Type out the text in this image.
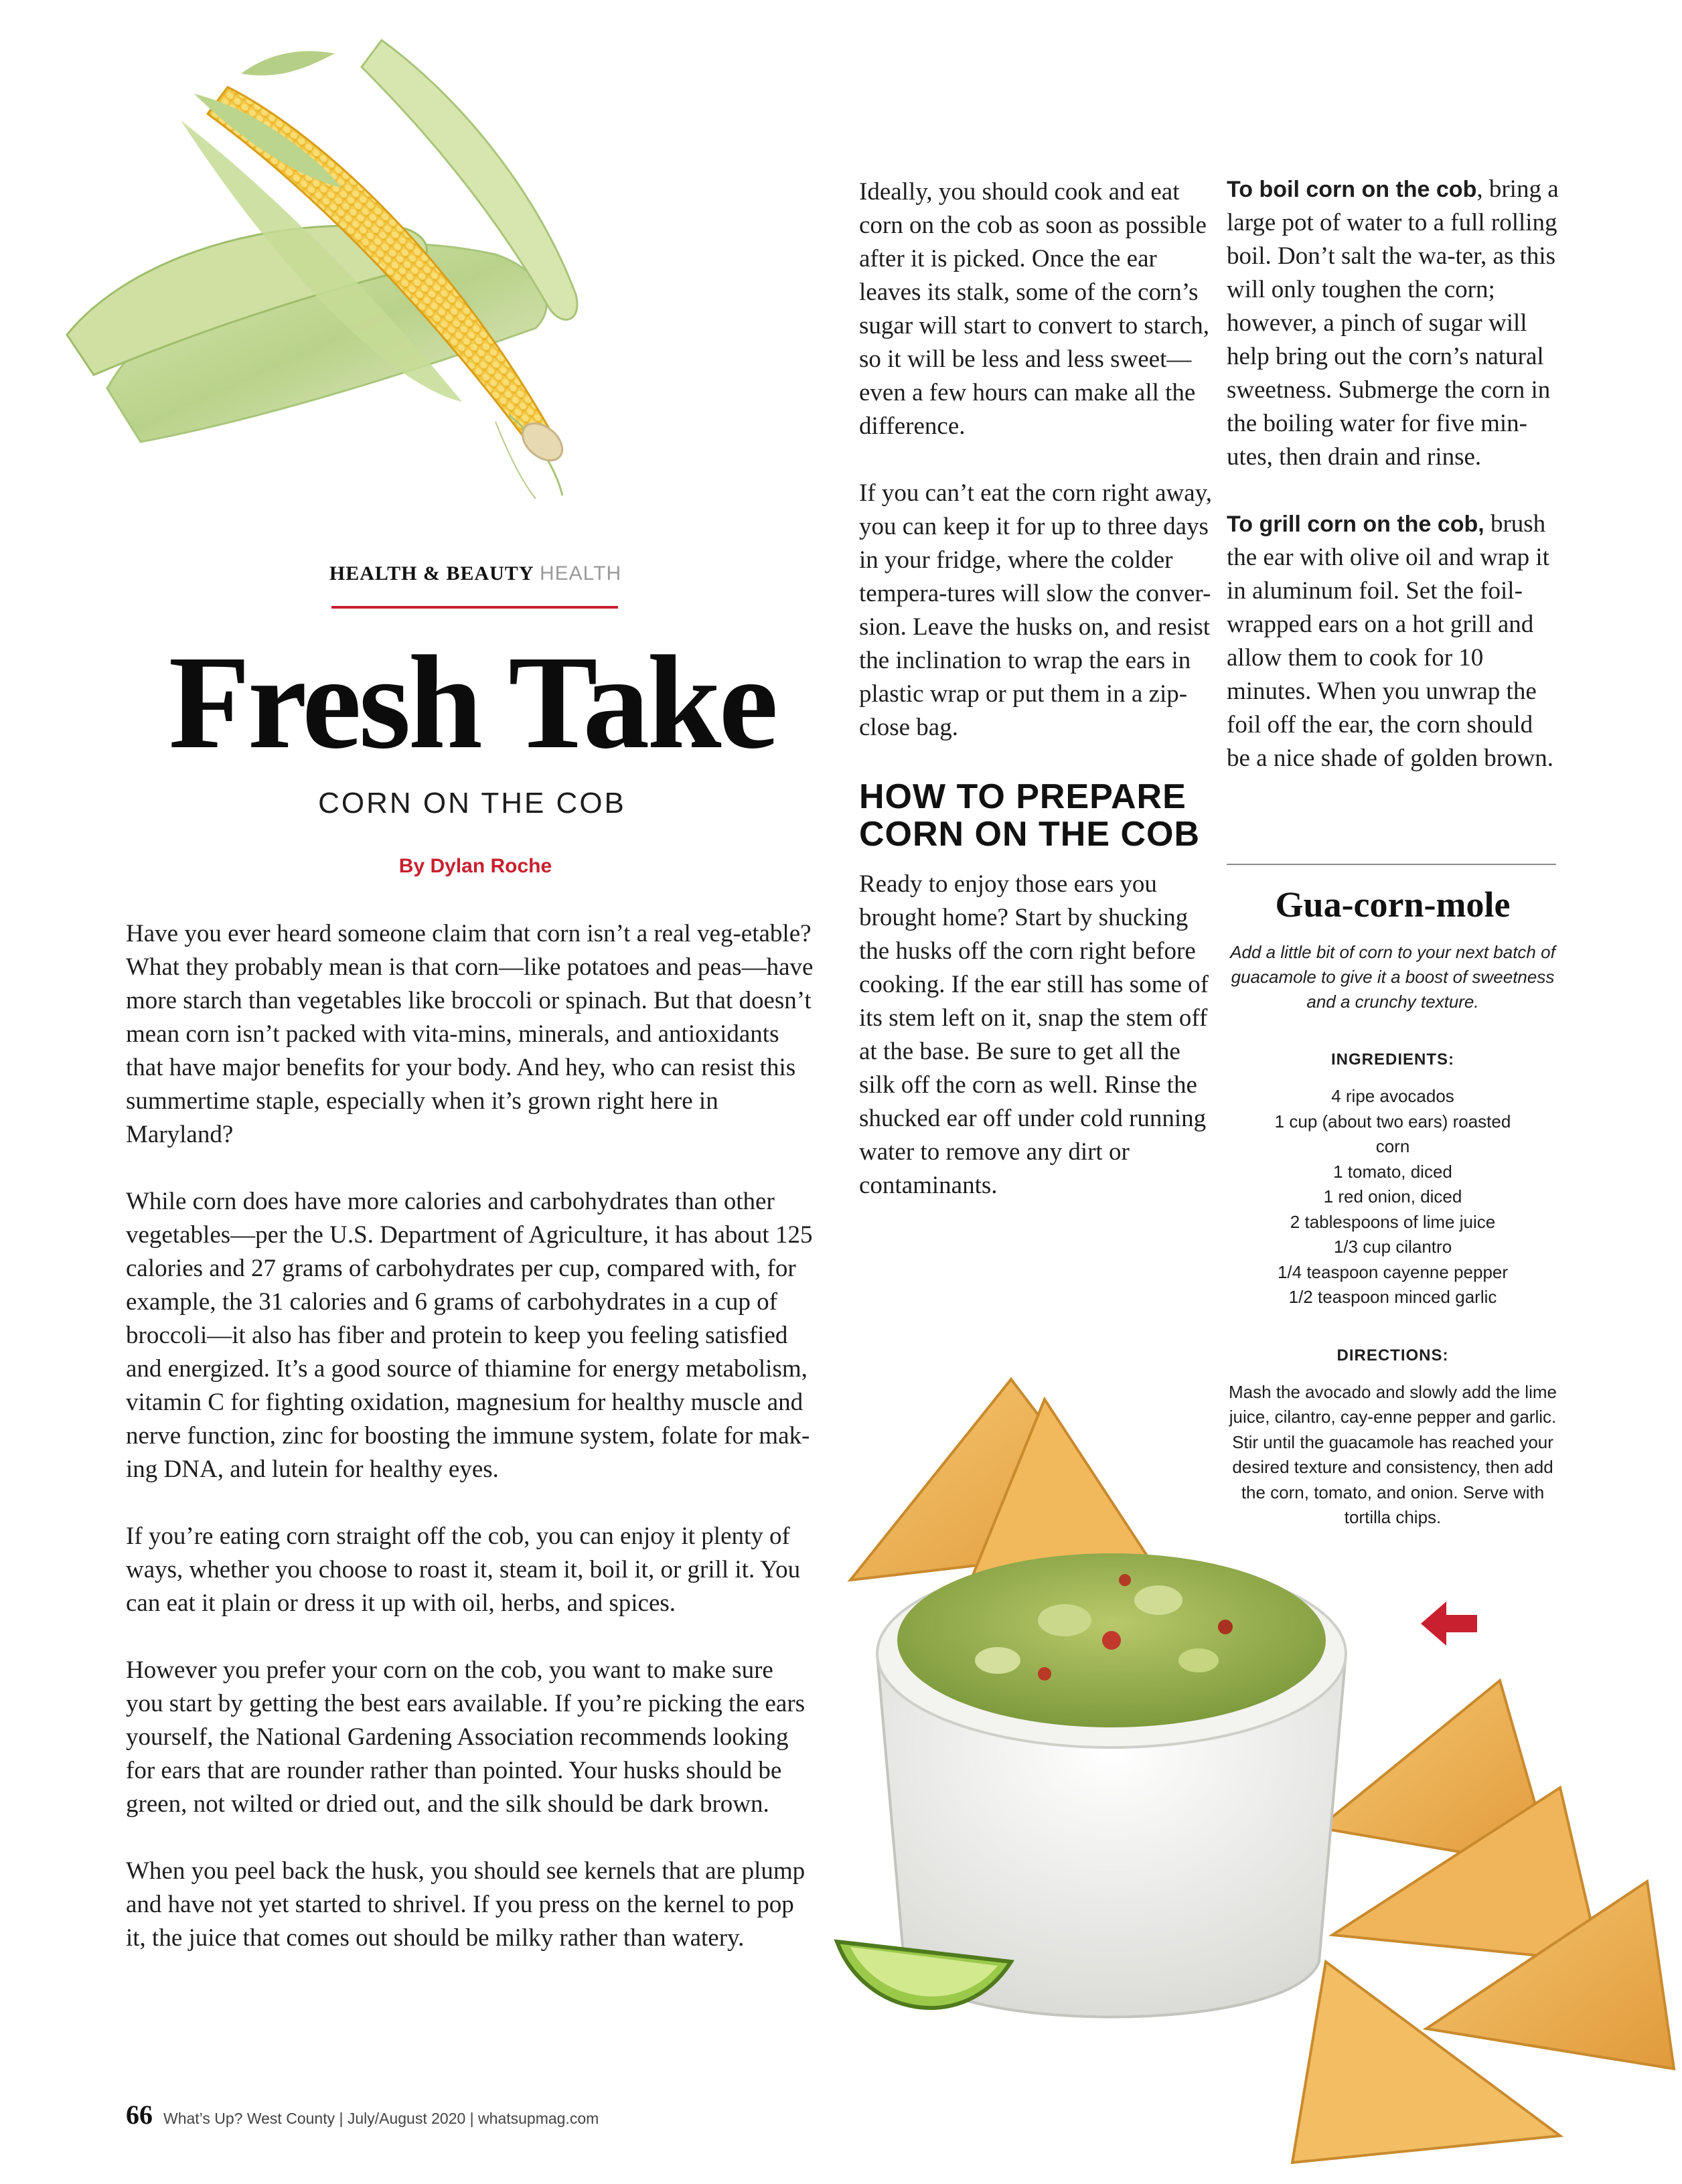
HEALTH & BEAUTY HEALTH
Fresh Take
CORN ON THE COB
By Dylan Roche

Have you ever heard someone claim that corn isn’t a real veg-etable? What they probably mean is that corn—like potatoes and peas—have more starch than vegetables like broccoli or spinach. But that doesn’t mean corn isn’t packed with vita-mins, minerals, and antioxidants that have major benefits for your body. And hey, who can resist this summertime staple, especially when it’s grown right here in Maryland?

While corn does have more calories and carbohydrates than other vegetables—per the U.S. Department of Agriculture, it has about 125 calories and 27 grams of carbohydrates per cup, compared with, for example, the 31 calories and 6 grams of carbohydrates in a cup of broccoli—it also has fiber and protein to keep you feeling satisfied and energized. It’s a good source of thiamine for energy metabolism, vitamin C for fighting oxidation, magnesium for healthy muscle and nerve function, zinc for boosting the immune system, folate for mak-ing DNA, and lutein for healthy eyes.

If you’re eating corn straight off the cob, you can enjoy it plenty of ways, whether you choose to roast it, steam it, boil it, or grill it. You can eat it plain or dress it up with oil, herbs, and spices.

However you prefer your corn on the cob, you want to make sure you start by getting the best ears available. If you’re picking the ears yourself, the National Gardening Association recommends looking for ears that are rounder rather than pointed. Your husks should be green, not wilted or dried out, and the silk should be dark brown.

When you peel back the husk, you should see kernels that are plump and have not yet started to shrivel. If you press on the kernel to pop it, the juice that comes out should be milky rather than watery.

Ideally, you should cook and eat corn on the cob as soon as possible after it is picked. Once the ear leaves its stalk, some of the corn’s sugar will start to convert to starch, so it will be less and less sweet—even a few hours can make all the difference.

If you can’t eat the corn right away, you can keep it for up to three days in your fridge, where the colder tempera-tures will slow the conver-sion. Leave the husks on, and resist the inclination to wrap the ears in plastic wrap or put them in a zip-close bag.

HOW TO PREPARE CORN ON THE COB

Ready to enjoy those ears you brought home? Start by shucking the husks off the corn right before cooking. If the ear still has some of its stem left on it, snap the stem off at the base. Be sure to get all the silk off the corn as well. Rinse the shucked ear off under cold running water to remove any dirt or contaminants.

To boil corn on the cob, bring a large pot of water to a full rolling boil. Don’t salt the wa-ter, as this will only toughen the corn; however, a pinch of sugar will help bring out the corn’s natural sweetness. Submerge the corn in the boiling water for five min-utes, then drain and rinse.

To grill corn on the cob, brush the ear with olive oil and wrap it in aluminum foil. Set the foil-wrapped ears on a hot grill and allow them to cook for 10 minutes. When you unwrap the foil off the ear, the corn should be a nice shade of golden brown.

Gua-corn-mole
Add a little bit of corn to your next batch of guacamole to give it a boost of sweetness and a crunchy texture.
INGREDIENTS:
4 ripe avocados
1 cup (about two ears) roasted corn
1 tomato, diced
1 red onion, diced
2 tablespoons of lime juice
1/3 cup cilantro
1/4 teaspoon cayenne pepper
1/2 teaspoon minced garlic
DIRECTIONS:
Mash the avocado and slowly add the lime juice, cilantro, cay-enne pepper and garlic. Stir until the guacamole has reached your desired texture and consistency, then add the corn, tomato, and onion. Serve with tortilla chips.
66 What’s Up? West County | July/August 2020 | whatsupmag.com
